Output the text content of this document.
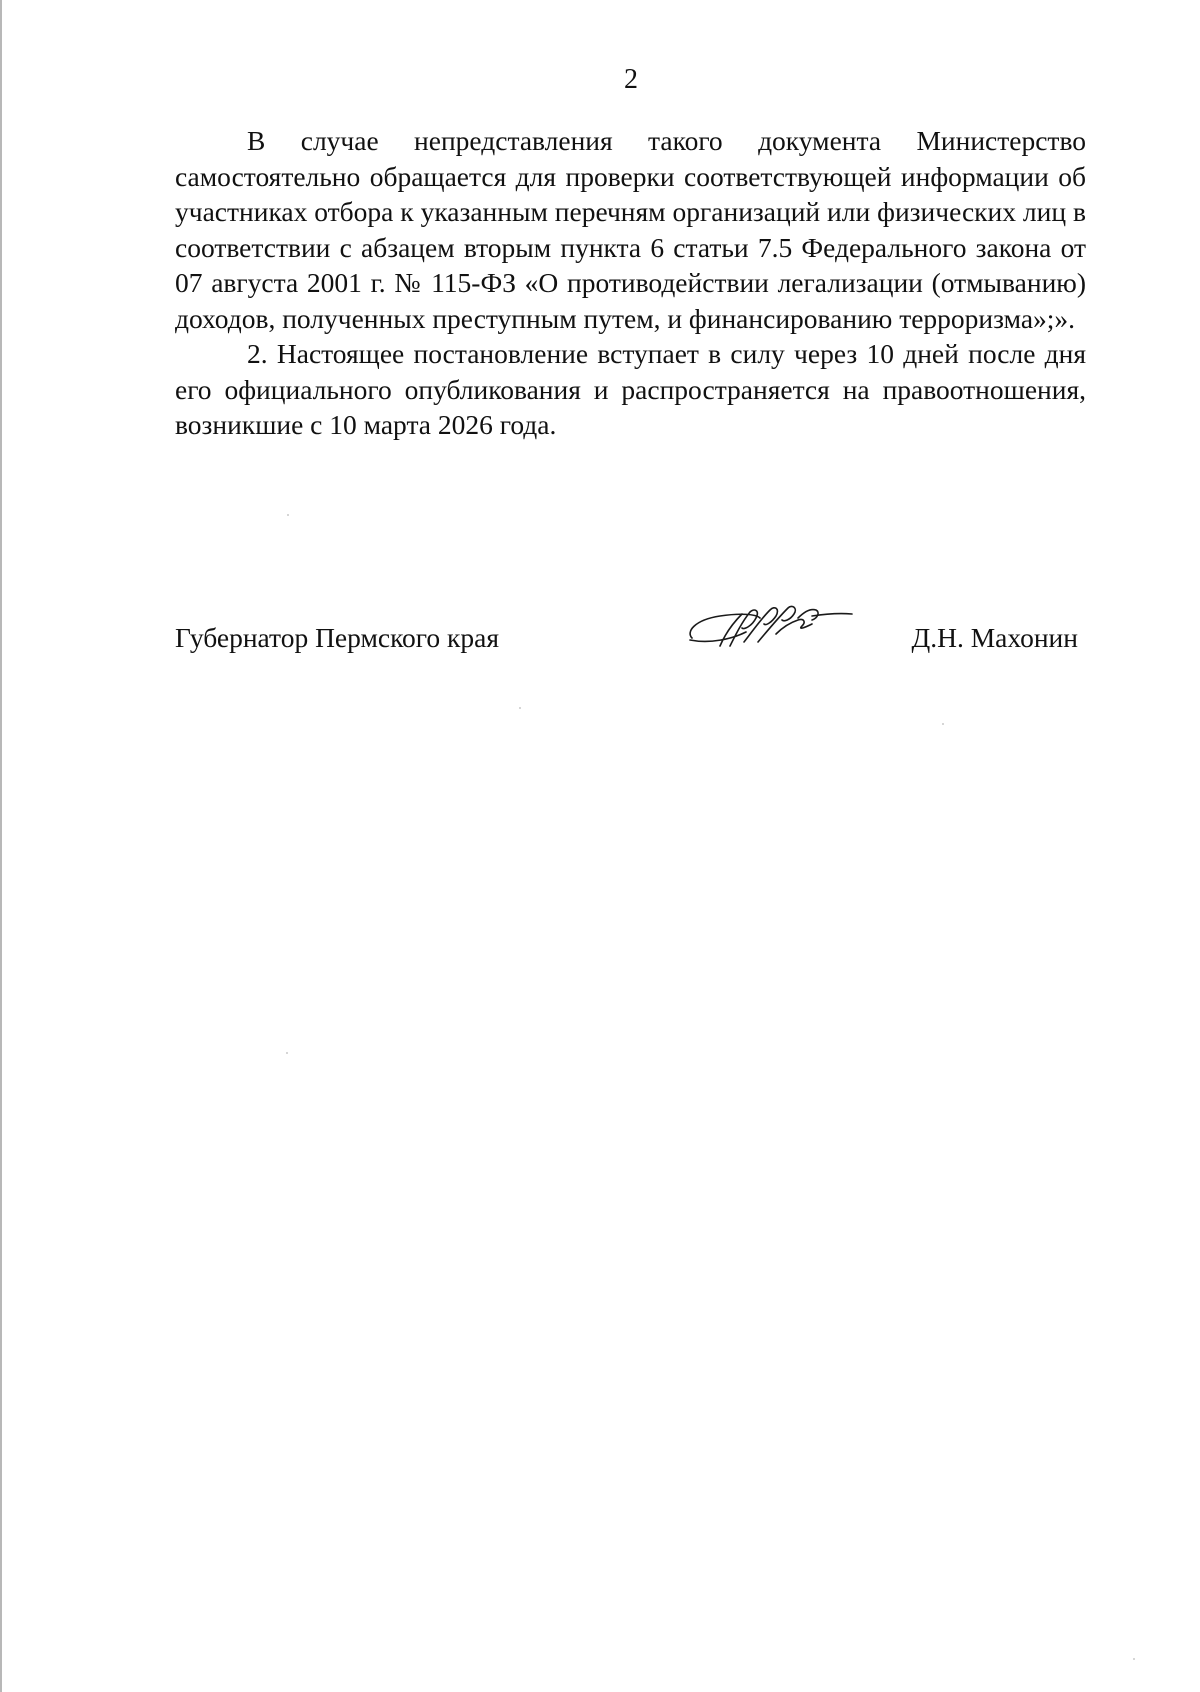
2

В случае непредставления такого документа Министерство самостоятельно обращается для проверки соответствующей информации об участниках отбора к указанным перечням организаций или физических лиц в соответствии с абзацем вторым пункта 6 статьи 7.5 Федерального закона от 07 августа 2001 г. № 115-ФЗ «О противодействии легализации (отмыванию) доходов, полученных преступным путем, и финансированию терроризма»;».

2. Настоящее постановление вступает в силу через 10 дней после дня его официального опубликования и распространяется на правоотношения, возникшие с 10 марта 2026 года.

Губернатор Пермского края	Д.Н. Махонин
